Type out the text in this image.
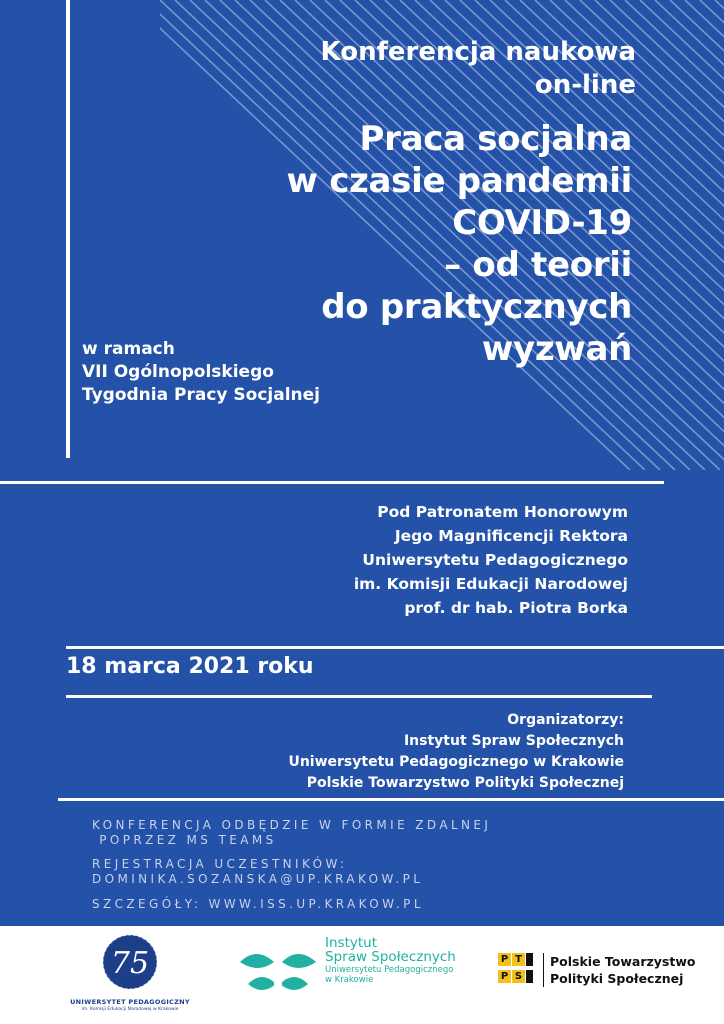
Konferencja naukowa
on-line
Praca socjalna
w czasie pandemii
COVID-19
– od teorii
do praktycznych
wyzwań
w ramach
VII Ogólnopolskiego
Tygodnia Pracy Socjalnej
Pod Patronatem Honorowym
Jego Magnificencji Rektora
Uniwersytetu Pedagogicznego
im. Komisji Edukacji Narodowej
prof. dr hab. Piotra Borka
18 marca 2021 roku
Organizatorzy:
Instytut Spraw Społecznych
Uniwersytetu Pedagogicznego w Krakowie
Polskie Towarzystwo Polityki Społecznej
KONFERENCJA ODBĘDZIE W FORMIE ZDALNEJ
POPRZEZ MS TEAMS
REJESTRACJA UCZESTNIKÓW:
DOMINIKA.SOZANSKA@UP.KRAKOW.PL
SZCZEGÓŁY: WWW.ISS.UP.KRAKOW.PL
75
UNIWERSYTET PEDAGOGICZNY
im. Komisji Edukacji Narodowej w Krakowie
Instytut
Spraw Społecznych
Uniwersytetu Pedagogicznego
w Krakowie
P T
P S
Polskie Towarzystwo
Polityki Społecznej
